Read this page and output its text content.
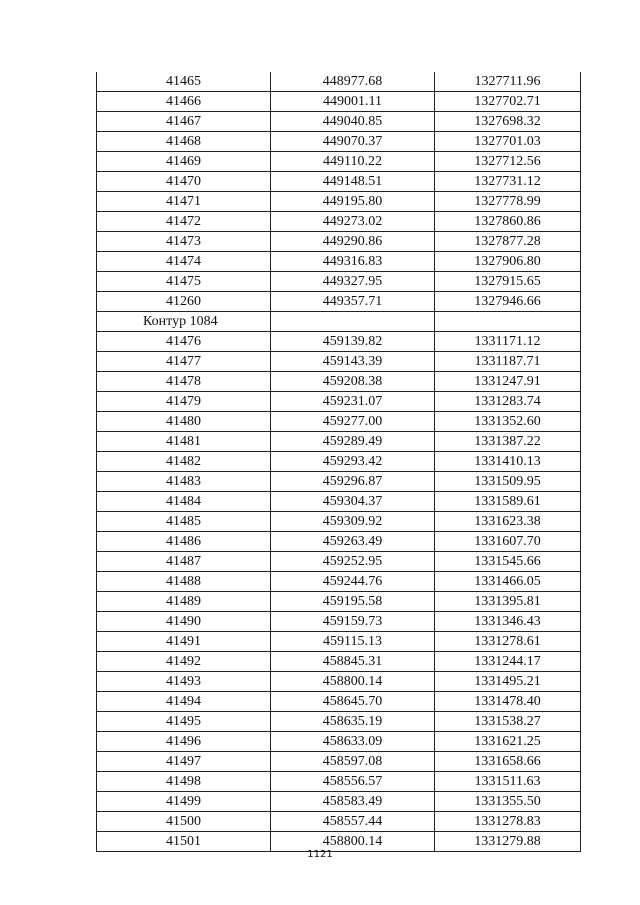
41465	448977.68	1327711.96
41466	449001.11	1327702.71
41467	449040.85	1327698.32
41468	449070.37	1327701.03
41469	449110.22	1327712.56
41470	449148.51	1327731.12
41471	449195.80	1327778.99
41472	449273.02	1327860.86
41473	449290.86	1327877.28
41474	449316.83	1327906.80
41475	449327.95	1327915.65
41260	449357.71	1327946.66
Контур 1084		
41476	459139.82	1331171.12
41477	459143.39	1331187.71
41478	459208.38	1331247.91
41479	459231.07	1331283.74
41480	459277.00	1331352.60
41481	459289.49	1331387.22
41482	459293.42	1331410.13
41483	459296.87	1331509.95
41484	459304.37	1331589.61
41485	459309.92	1331623.38
41486	459263.49	1331607.70
41487	459252.95	1331545.66
41488	459244.76	1331466.05
41489	459195.58	1331395.81
41490	459159.73	1331346.43
41491	459115.13	1331278.61
41492	458845.31	1331244.17
41493	458800.14	1331495.21
41494	458645.70	1331478.40
41495	458635.19	1331538.27
41496	458633.09	1331621.25
41497	458597.08	1331658.66
41498	458556.57	1331511.63
41499	458583.49	1331355.50
41500	458557.44	1331278.83
41501	458800.14	1331279.88
1121
